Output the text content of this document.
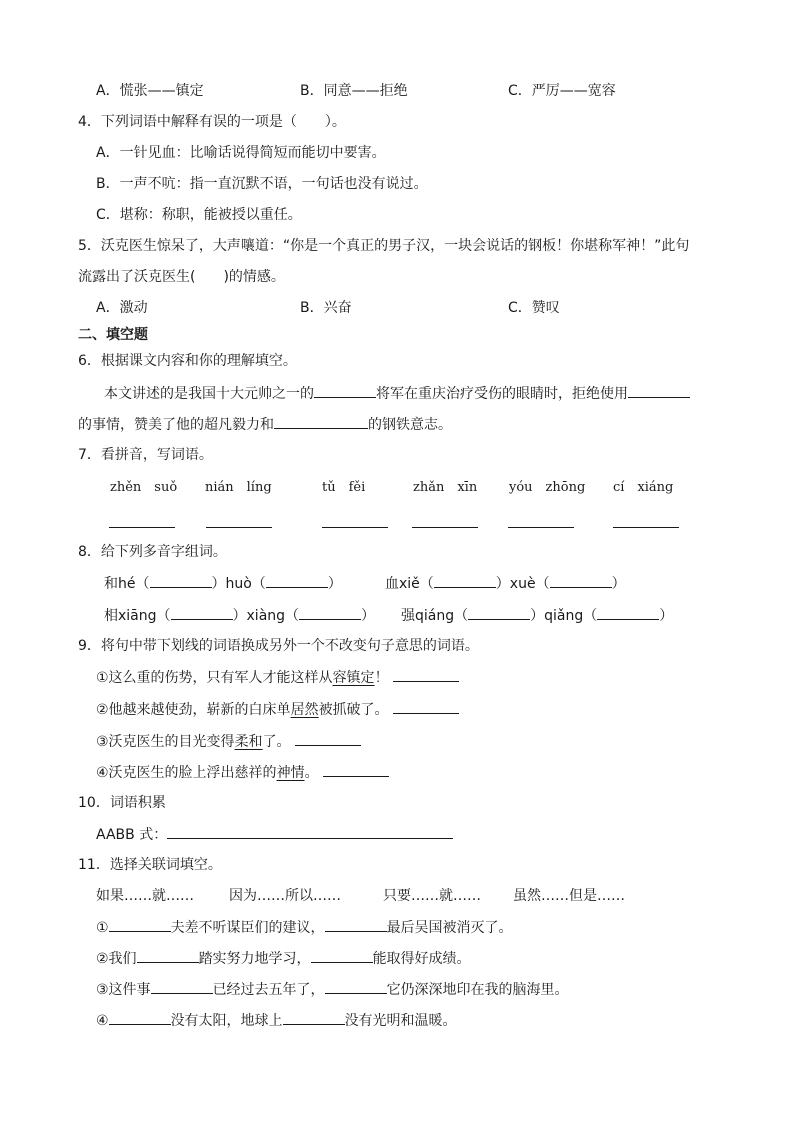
A．慌张——镇定	B．同意——拒绝	C．严厉——宽容
4．下列词语中解释有误的一项是（　　）。
A．一针见血：比喻话说得简短而能切中要害。
B．一声不吭：指一直沉默不语，一句话也没有说过。
C．堪称：称职，能被授以重任。
5．沃克医生惊呆了，大声嚷道：“你是一个真正的男子汉，一块会说话的钢板！你堪称军神！”此句
流露出了沃克医生(　　)的情感。
A．激动	B．兴奋	C．赞叹
二、填空题
6．根据课文内容和你的理解填空。
本文讲述的是我国十大元帅之一的	将军在重庆治疗受伤的眼睛时，拒绝使用
的事情，赞美了他的超凡毅力和	的钢铁意志。
7．看拼音，写词语。
zhěn　suǒ nián　líng	tǔ　fěi	zhǎn　xīn yóu　zhōng cí　xiáng
8．给下列多音字组词。
和hé（	）huò（	）	血xiě（	）xuè（	）
相xiāng（	）xiàng（	） 强qiáng（	）qiǎng（	）
9．将句中带下划线的词语换成另外一个不改变句子意思的词语。
①这么重的伤势，只有军人才能这样从容镇定！
②他越来越使劲，崭新的白床单居然被抓破了。
③沃克医生的目光变得柔和了。
④沃克医生的脸上浮出慈祥的神情。
10．词语积累
AABB 式：
11．选择关联词填空。
如果……就……	因为……所以……	只要……就…… 虽然……但是……
①	夫差不听谋臣们的建议，	最后吴国被消灭了。
②我们	踏实努力地学习，	能取得好成绩。
③这件事	已经过去五年了，	它仍深深地印在我的脑海里。
④	没有太阳，地球上	没有光明和温暖。
